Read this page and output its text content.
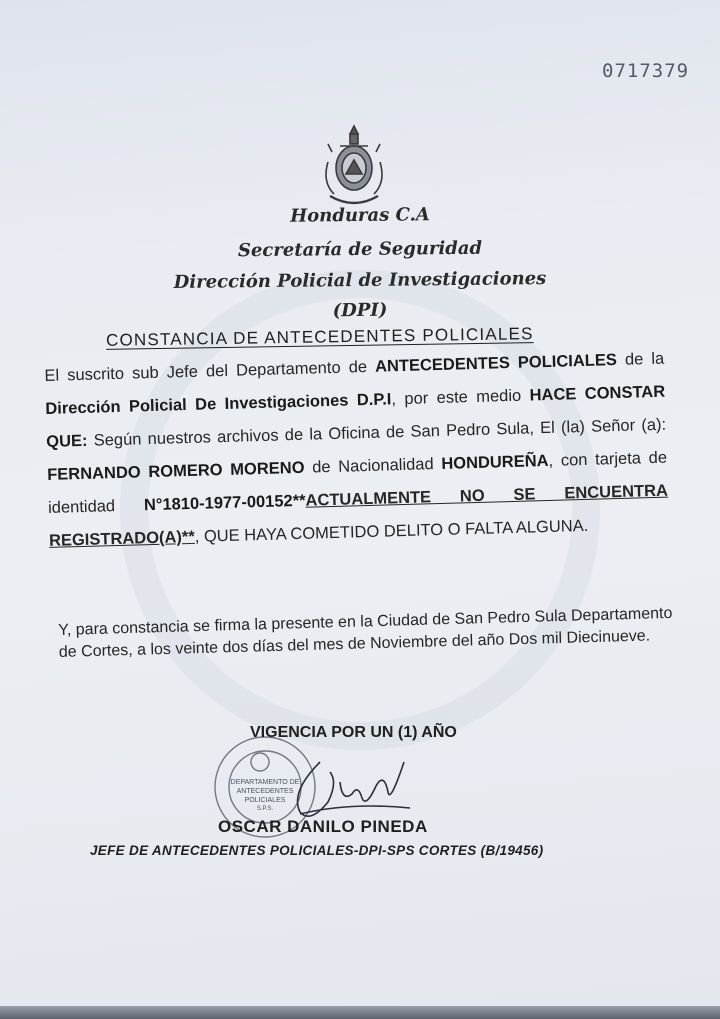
0717379
Honduras C.A
Secretaría de Seguridad
Dirección Policial de Investigaciones
(DPI)
CONSTANCIA DE ANTECEDENTES POLICIALES
El suscrito sub Jefe del Departamento de ANTECEDENTES POLICIALES de la Dirección Policial De Investigaciones D.P.I, por este medio HACE CONSTAR QUE: Según nuestros archivos de la Oficina de San Pedro Sula, El (la) Señor (a): FERNANDO ROMERO MORENO de Nacionalidad HONDUREÑA, con tarjeta de identidad N°1810-1977-00152**ACTUALMENTE NO SE ENCUENTRA REGISTRADO(A)**, QUE HAYA COMETIDO DELITO O FALTA ALGUNA.
Y, para constancia se firma la presente en la Ciudad de San Pedro Sula Departamento de Cortes, a los veinte dos días del mes de Noviembre del año Dos mil Diecinueve.
DEPARTAMENTO DE
ANTECEDENTES
POLICIALES
S.P.S.
VIGENCIA POR UN (1) AÑO
OSCAR DANILO PINEDA
JEFE DE ANTECEDENTES POLICIALES-DPI-SPS CORTES (B/19456)
